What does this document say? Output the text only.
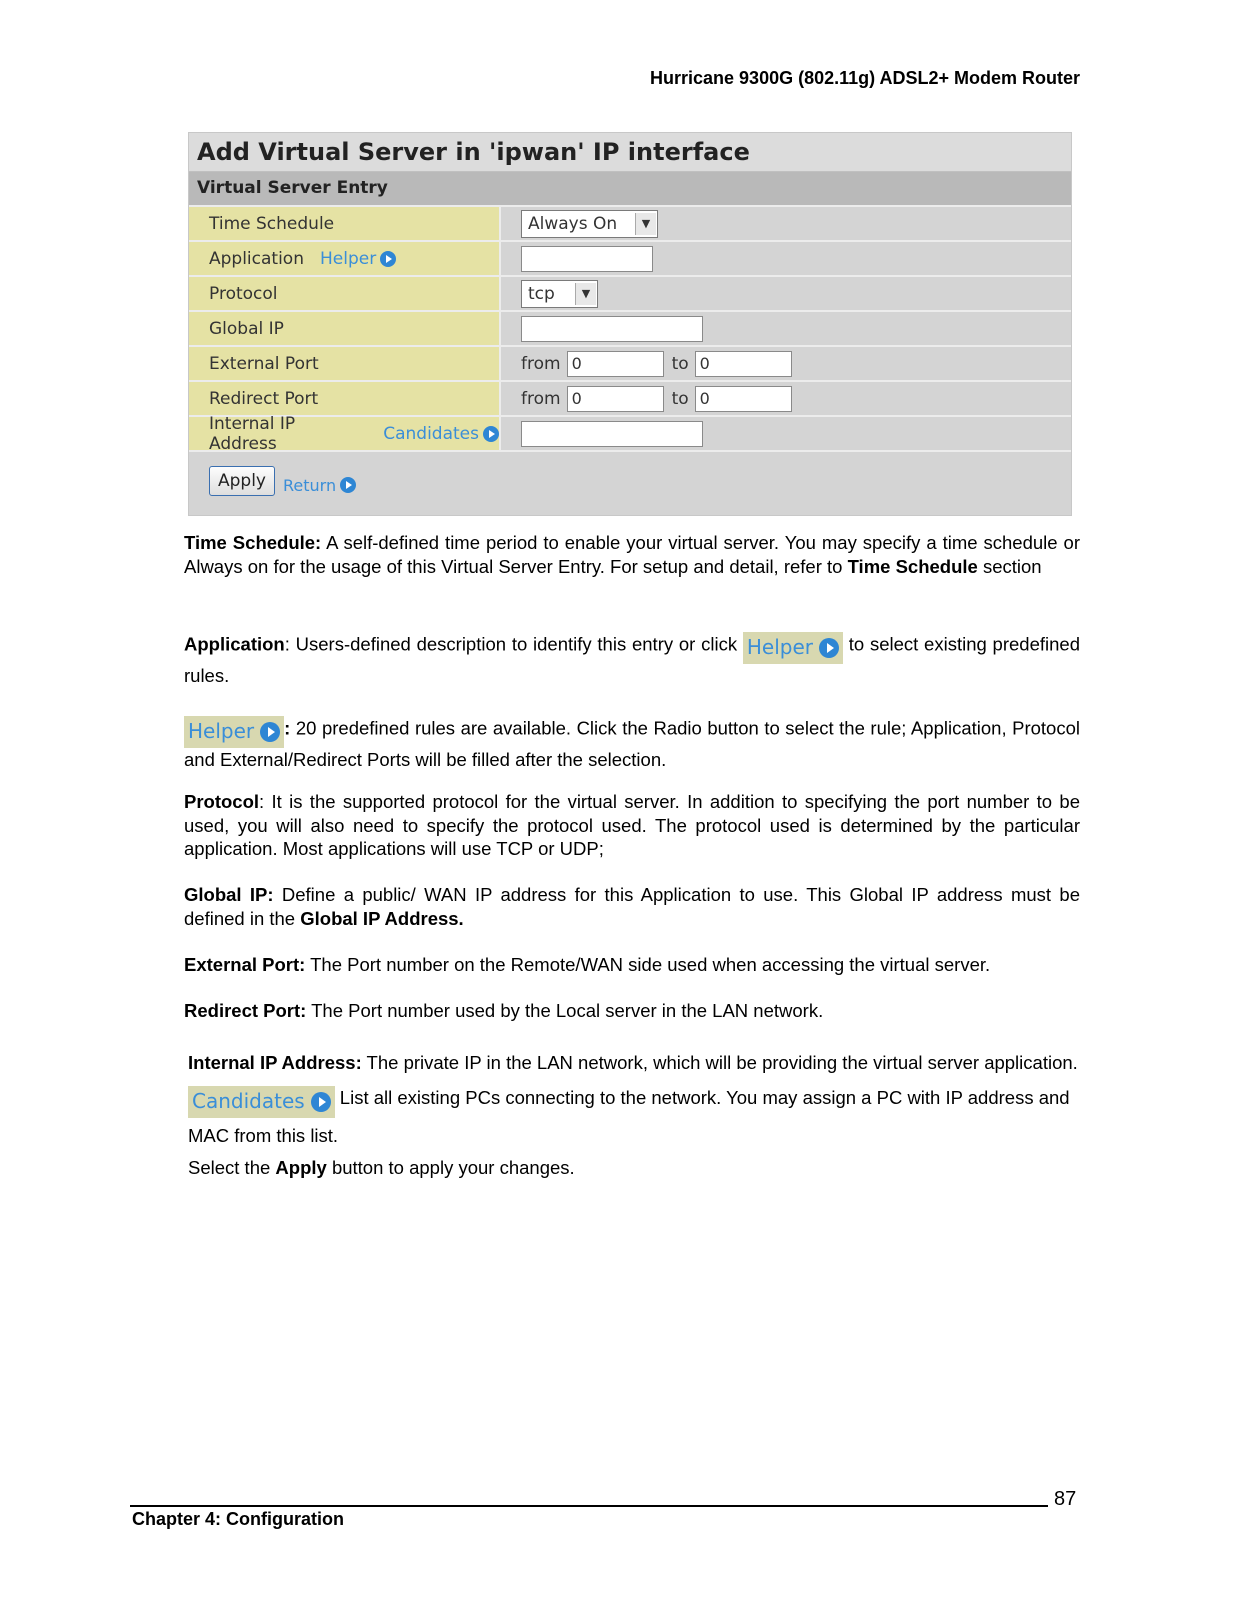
Hurricane 9300G (802.11g) ADSL2+ Modem Router
Add Virtual Server in 'ipwan' IP interface
Virtual Server Entry
Time Schedule	Always On	▼
Application Helper
Protocol	tcp	▼
Global IP
External Port	from 0	to 0
Redirect Port	from 0	to 0
Internal IP Address	Candidates
Apply	Return
Time Schedule: A self-defined time period to enable your virtual server. You may specify a time schedule or Always on for the usage of this Virtual Server Entry. For setup and detail, refer to Time Schedule section
Application: Users-defined description to identify this entry or click Helper to select existing predefined rules.
Helper : 20 predefined rules are available. Click the Radio button to select the rule; Application, Protocol and External/Redirect Ports will be filled after the selection.
Protocol: It is the supported protocol for the virtual server. In addition to specifying the port number to be used, you will also need to specify the protocol used. The protocol used is determined by the particular application. Most applications will use TCP or UDP;
Global IP: Define a public/ WAN IP address for this Application to use. This Global IP address must be defined in the Global IP Address.
External Port: The Port number on the Remote/WAN side used when accessing the virtual server.
Redirect Port: The Port number used by the Local server in the LAN network.
Internal IP Address: The private IP in the LAN network, which will be providing the virtual server application.
Candidates List all existing PCs connecting to the network. You may assign a PC with IP address and MAC from this list.
Select the Apply button to apply your changes.
87
Chapter 4: Configuration
